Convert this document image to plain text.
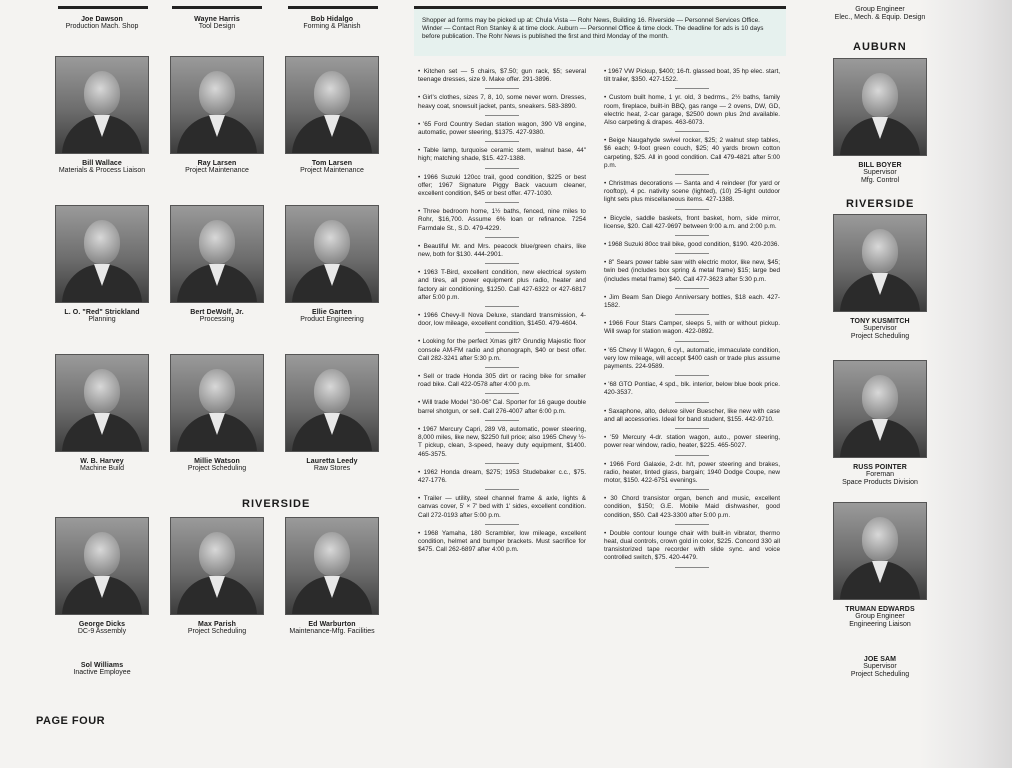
Joe Dawson
Production Mach. Shop
Wayne Harris
Tool Design
Bob Hidalgo
Forming & Planish
Bill Wallace
Materials & Process Liaison
L. O. "Red" Strickland
Planning
W. B. Harvey
Machine Build
George Dicks
DC-9 Assembly
Sol Williams
Inactive Employee
Ray Larsen
Project Maintenance
Bert DeWolf, Jr.
Processing
Millie Watson
Project Scheduling
RIVERSIDE
Max Parish
Project Scheduling
Tom Larsen
Project Maintenance
Ellie Garten
Product Engineering
Lauretta Leedy
Raw Stores
Ed Warburton
Maintenance-Mfg. Facilities
Shopper ad forms may be picked up at: Chula Vista — Rohr News, Building 16. Riverside — Personnel Services Office. Winder — Contact Ron Stanley & at time clock. Auburn — Personnel Office & time clock. The deadline for ads is 10 days before publication. The Rohr News is published the first and third Monday of the month.
• Kitchen set — 5 chairs, $7.50; gun rack, $5; several teenage dresses, size 9. Make offer. 291-3896.
• Girl's clothes, sizes 7, 8, 10, some never worn. Dresses, heavy coat, snowsuit jacket, pants, sneakers. 583-3890.
• '65 Ford Country Sedan station wagon, 390 V8 engine, automatic, power steering, $1375. 427-9380.
• Table lamp, turquoise ceramic stem, walnut base, 44" high; matching shade, $15. 427-1388.
• 1966 Suzuki 120cc trail, good condition, $225 or best offer; 1967 Signature Piggy Back vacuum cleaner, excellent condition, $45 or best offer. 477-1030.
• Three bedroom home, 1½ baths, fenced, nine miles to Rohr, $16,700. Assume 6% loan or refinance. 7254 Farmdale St., S.D. 479-4229.
• Beautiful Mr. and Mrs. peacock blue/green chairs, like new, both for $130. 444-2901.
• 1963 T-Bird, excellent condition, new electrical system and tires, all power equipment plus radio, heater and factory air conditioning, $1250. Call 427-6322 or 427-6817 after 5:00 p.m.
• 1966 Chevy-II Nova Deluxe, standard transmission, 4-door, low mileage, excellent condition, $1450. 479-4604.
• Looking for the perfect Xmas gift? Grundig Majestic floor console AM-FM radio and phonograph, $40 or best offer. Call 282-3241 after 5:30 p.m.
• Sell or trade Honda 305 dirt or racing bike for smaller road bike. Call 422-0578 after 4:00 p.m.
• Will trade Model "30-06" Cal. Sporter for 16 gauge double barrel shotgun, or sell. Call 276-4007 after 6:00 p.m.
• 1967 Mercury Capri, 289 V8, automatic, power steering, 8,000 miles, like new, $2250 full price; also 1965 Chevy ½-T pickup, clean, 3-speed, heavy duty equipment, $1400. 465-3575.
• 1962 Honda dream, $275; 1953 Studebaker c.c., $75. 427-1776.
• Trailer — utility, steel channel frame & axle, lights & canvas cover, 5' × 7' bed with 1' sides, excellent condition. Call 272-0193 after 5:00 p.m.
• 1968 Yamaha, 180 Scrambler, low mileage, excellent condition, helmet and bumper brackets. Must sacrifice for $475. Call 262-6897 after 4:00 p.m.
• 1967 VW Pickup, $400; 16-ft. glassed boat, 35 hp elec. start, tilt trailer, $350. 427-1522.
• Custom built home, 1 yr. old, 3 bedrms., 2½ baths, family room, fireplace, built-in BBQ, gas range — 2 ovens, DW, GD, electric heat, 2-car garage, $2500 down plus 2nd available. Also carpeting & drapes. 463-6073.
• Beige Naugahyde swivel rocker, $25; 2 walnut step tables, $6 each; 9-foot green couch, $25; 40 yards brown cotton carpeting, $25. All in good condition. Call 479-4821 after 5:00 p.m.
• Christmas decorations — Santa and 4 reindeer (for yard or rooftop), 4 pc. nativity scene (lighted), (10) 25-light outdoor light sets plus miscellaneous items. 427-1388.
• Bicycle, saddle baskets, front basket, horn, side mirror, license, $20. Call 427-9697 between 9:00 a.m. and 2:00 p.m.
• 1968 Suzuki 80cc trail bike, good condition, $190. 420-2036.
• 8" Sears power table saw with electric motor, like new, $45; twin bed (includes box spring & metal frame) $15; large bed (includes metal frame) $40. Call 477-3623 after 5:30 p.m.
• Jim Beam San Diego Anniversary bottles, $18 each. 427-1582.
• 1966 Four Stars Camper, sleeps 5, with or without pickup. Will swap for station wagon. 422-0892.
• '65 Chevy II Wagon, 6 cyl., automatic, immaculate condition, very low mileage, will accept $400 cash or trade plus assume payments. 224-9589.
• '68 GTO Pontiac, 4 spd., blk. interior, below blue book price. 420-3537.
• Saxaphone, alto, deluxe silver Buescher, like new with case and all accessories. Ideal for band student, $155. 442-9710.
• '59 Mercury 4-dr. station wagon, auto., power steering, power rear window, radio, heater, $225. 465-5027.
• 1966 Ford Galaxie, 2-dr. h/t, power steering and brakes, radio, heater, tinted glass, bargain; 1940 Dodge Coupe, new motor, $150. 422-6751 evenings.
• 30 Chord transistor organ, bench and music, excellent condition, $150; G.E. Mobile Maid dishwasher, good condition, $50. Call 423-3300 after 5:00 p.m.
• Double contour lounge chair with built-in vibrator, thermo heat, dual controls, crown gold in color, $225. Concord 330 all transistorized tape recorder with slide sync. and voice controlled switch, $75. 420-4479.
Group Engineer
Elec., Mech. & Equip. Design
AUBURN
BILL BOYER
Supervisor
Mfg. Control
RIVERSIDE
TONY KUSMITCH
Supervisor
Project Scheduling
RUSS POINTER
Foreman
Space Products Division
TRUMAN EDWARDS
Group Engineer
Engineering Liaison
JOE SAM
Supervisor
Project Scheduling
PAGE FOUR
